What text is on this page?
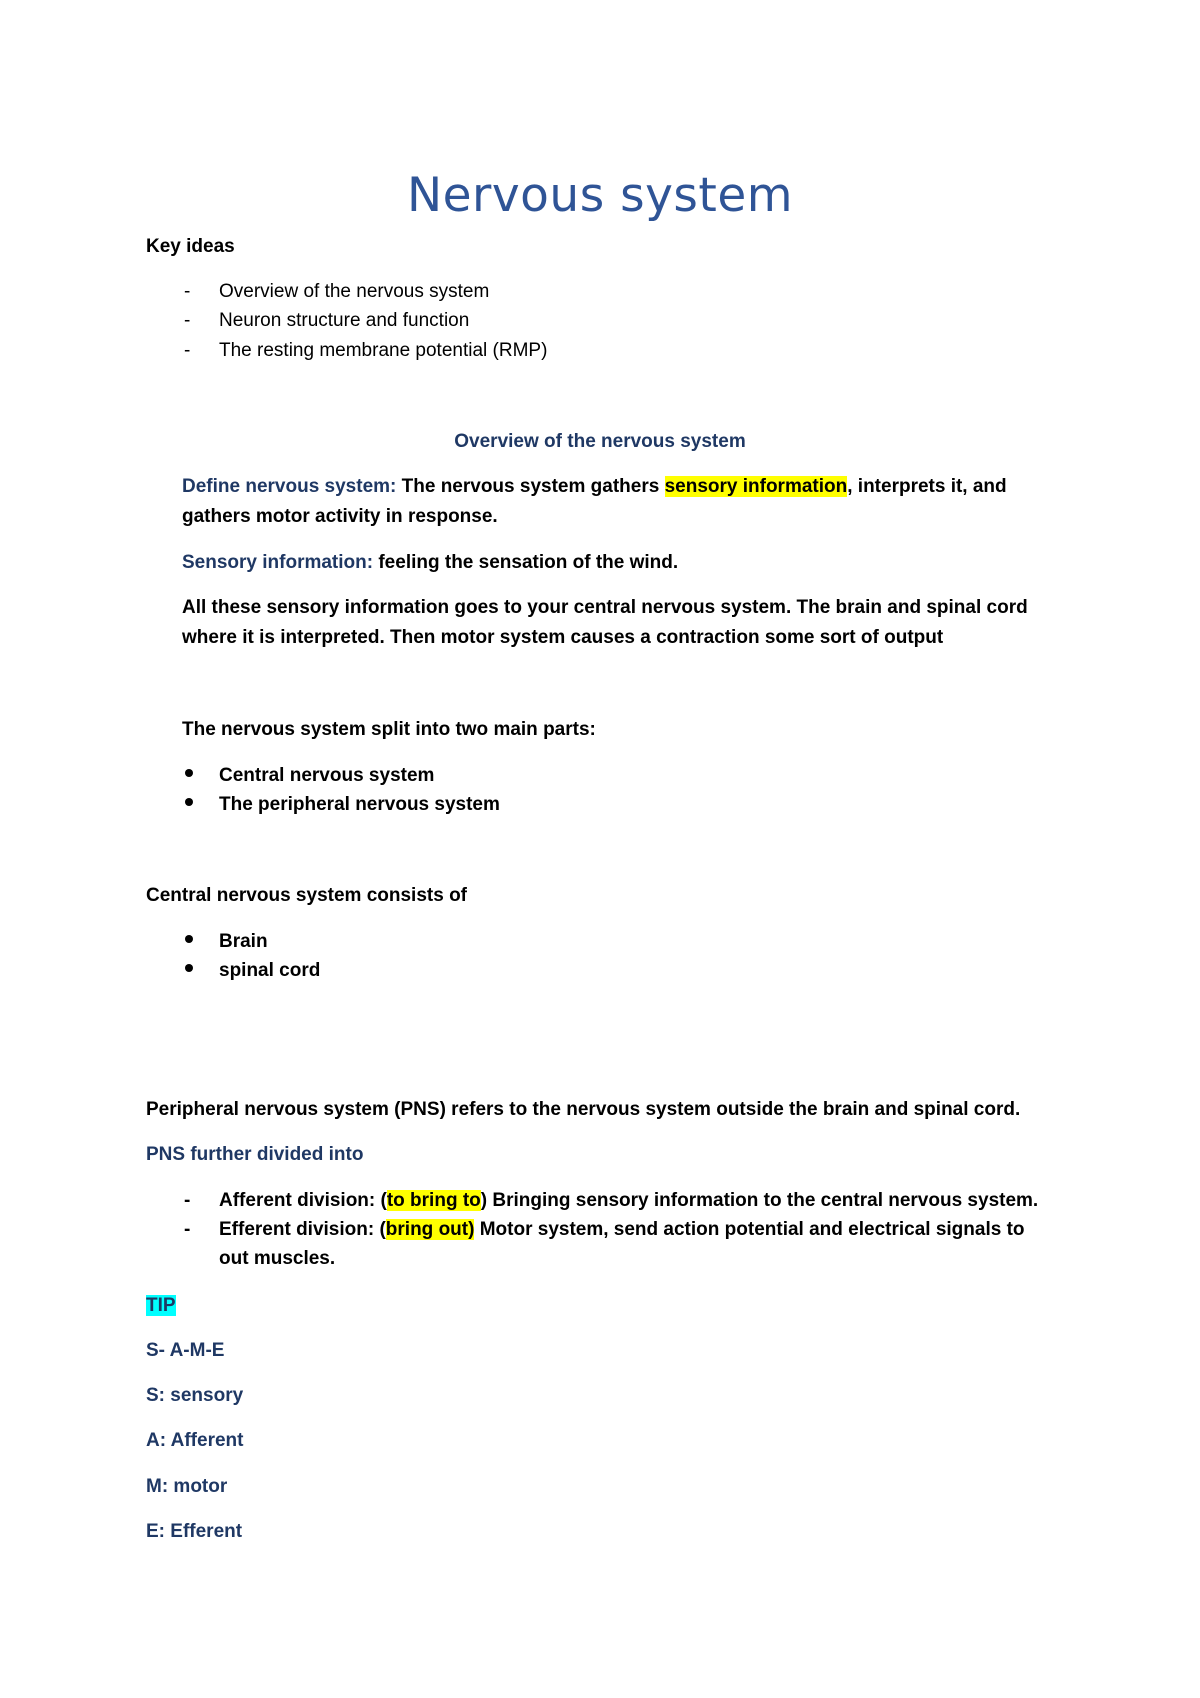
Nervous system
Key ideas
- Overview of the nervous system
- Neuron structure and function
- The resting membrane potential (RMP)
Overview of the nervous system
Define nervous system: The nervous system gathers sensory information, interprets it, and
gathers motor activity in response.
Sensory information: feeling the sensation of the wind.
All these sensory information goes to your central nervous system. The brain and spinal cord
where it is interpreted. Then motor system causes a contraction some sort of output
The nervous system split into two main parts:
Central nervous system
The peripheral nervous system
Central nervous system consists of
Brain
spinal cord
Peripheral nervous system (PNS) refers to the nervous system outside the brain and spinal cord.
PNS further divided into
- Afferent division: (to bring to) Bringing sensory information to the central nervous system.
- Efferent division: (bring out) Motor system, send action potential and electrical signals to
out muscles.
TIP
S- A-M-E
S: sensory
A: Afferent
M: motor
E: Efferent
